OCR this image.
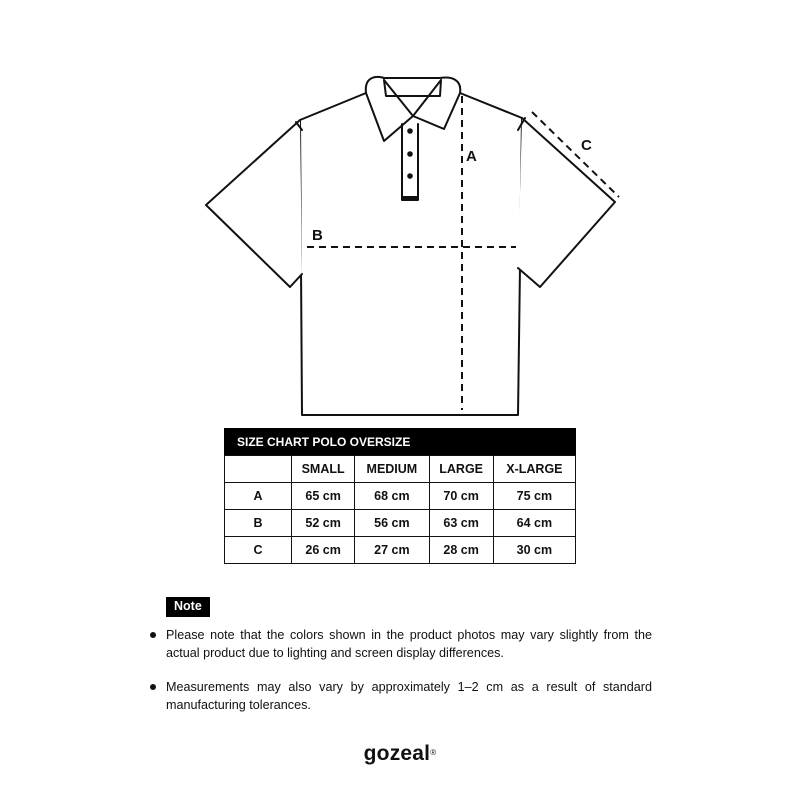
A
B
C
SIZE CHART POLO OVERSIZE
	SMALL	MEDIUM	LARGE	X-LARGE
A	65 cm	68 cm	70 cm	75 cm
B	52 cm	56 cm	63 cm	64 cm
C	26 cm	27 cm	28 cm	30 cm
Note
Please note that the colors shown in the product photos may vary slightly from the actual product due to lighting and screen display differences.
Measurements may also vary by approximately 1–2 cm as a result of standard manufacturing tolerances.
gozeal®
